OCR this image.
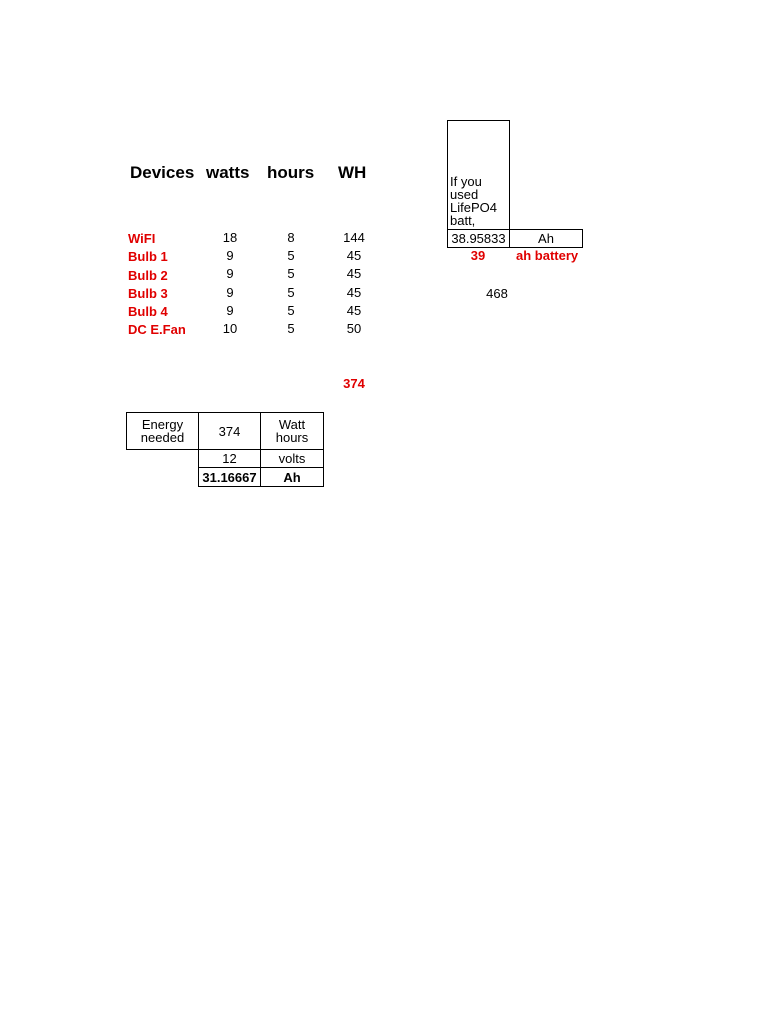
Devices watts hours WH
WiFI	18	8	144
Bulb 1	9	5	45
Bulb 2	9	5	45
Bulb 3	9	5	45
Bulb 4	9	5	45
DC E.Fan	10	5	50
374
If you used LifePO4 batt,
38.95833	Ah
39	ah battery
468
Energy needed	374	Watt hours
12	volts
31.16667	Ah
